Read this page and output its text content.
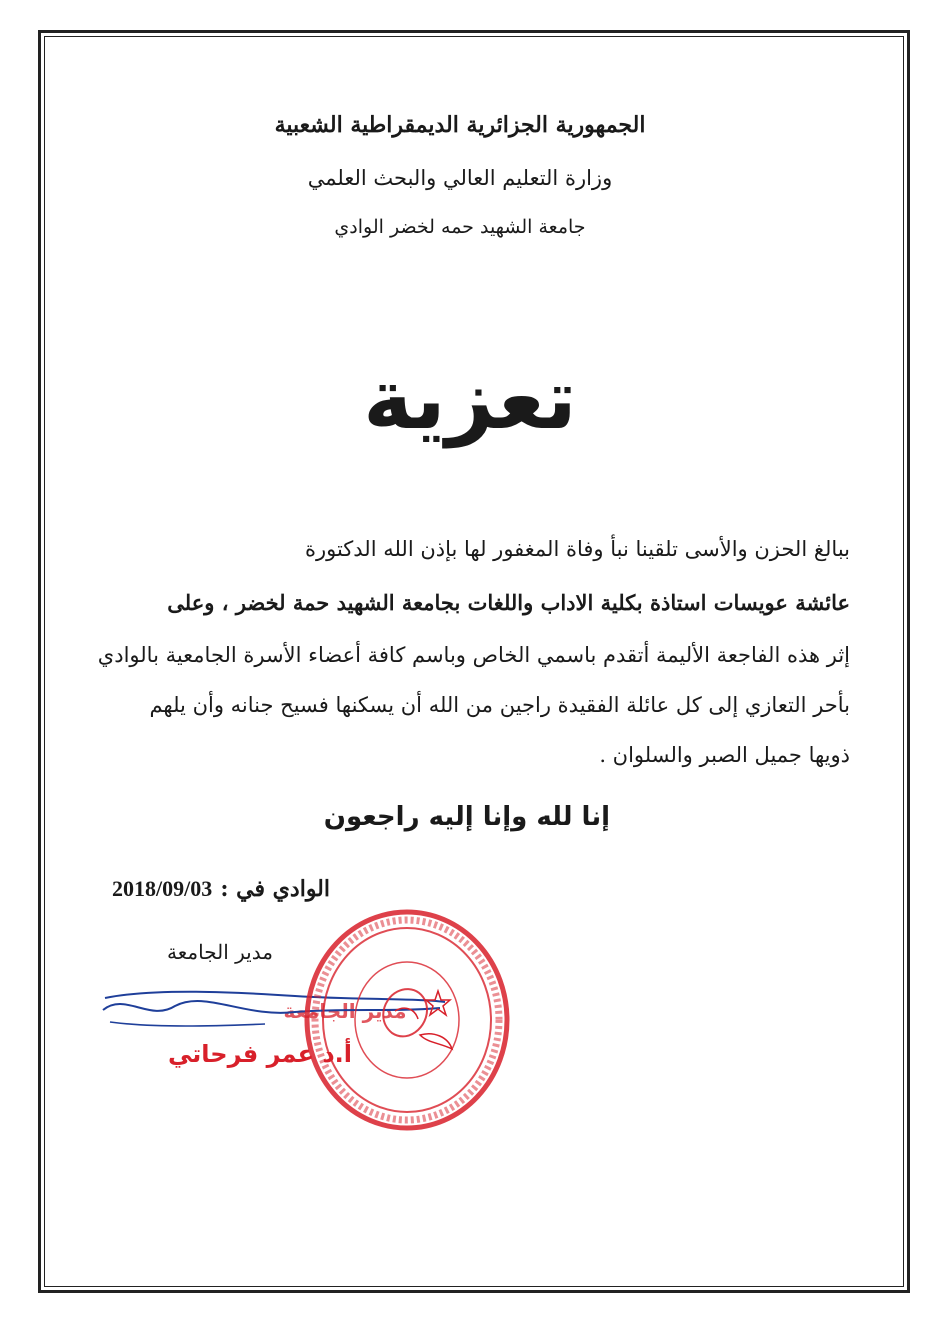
الجمهورية الجزائرية الديمقراطية الشعبية
وزارة التعليم العالي والبحث العلمي
جامعة الشهيد حمه لخضر الوادي
تعزية
ببالغ الحزن والأسى تلقينا نبأ وفاة المغفور لها بإذن الله الدكتورة
عائشة عويسات استاذة بكلية الاداب واللغات بجامعة الشهيد حمة لخضر ، وعلى
إثر هذه الفاجعة الأليمة أتقدم باسمي الخاص وباسم كافة أعضاء الأسرة الجامعية بالوادي
بأحر التعازي إلى كل عائلة الفقيدة راجين من الله أن يسكنها فسيح جنانه وأن يلهم
ذويها جميل الصبر والسلوان .
إنا لله وإنا إليه راجعون
الوادي في :
2018/09/03
مدير الجامعة
مدير الجامعة
أ.د عمر فرحاتي
